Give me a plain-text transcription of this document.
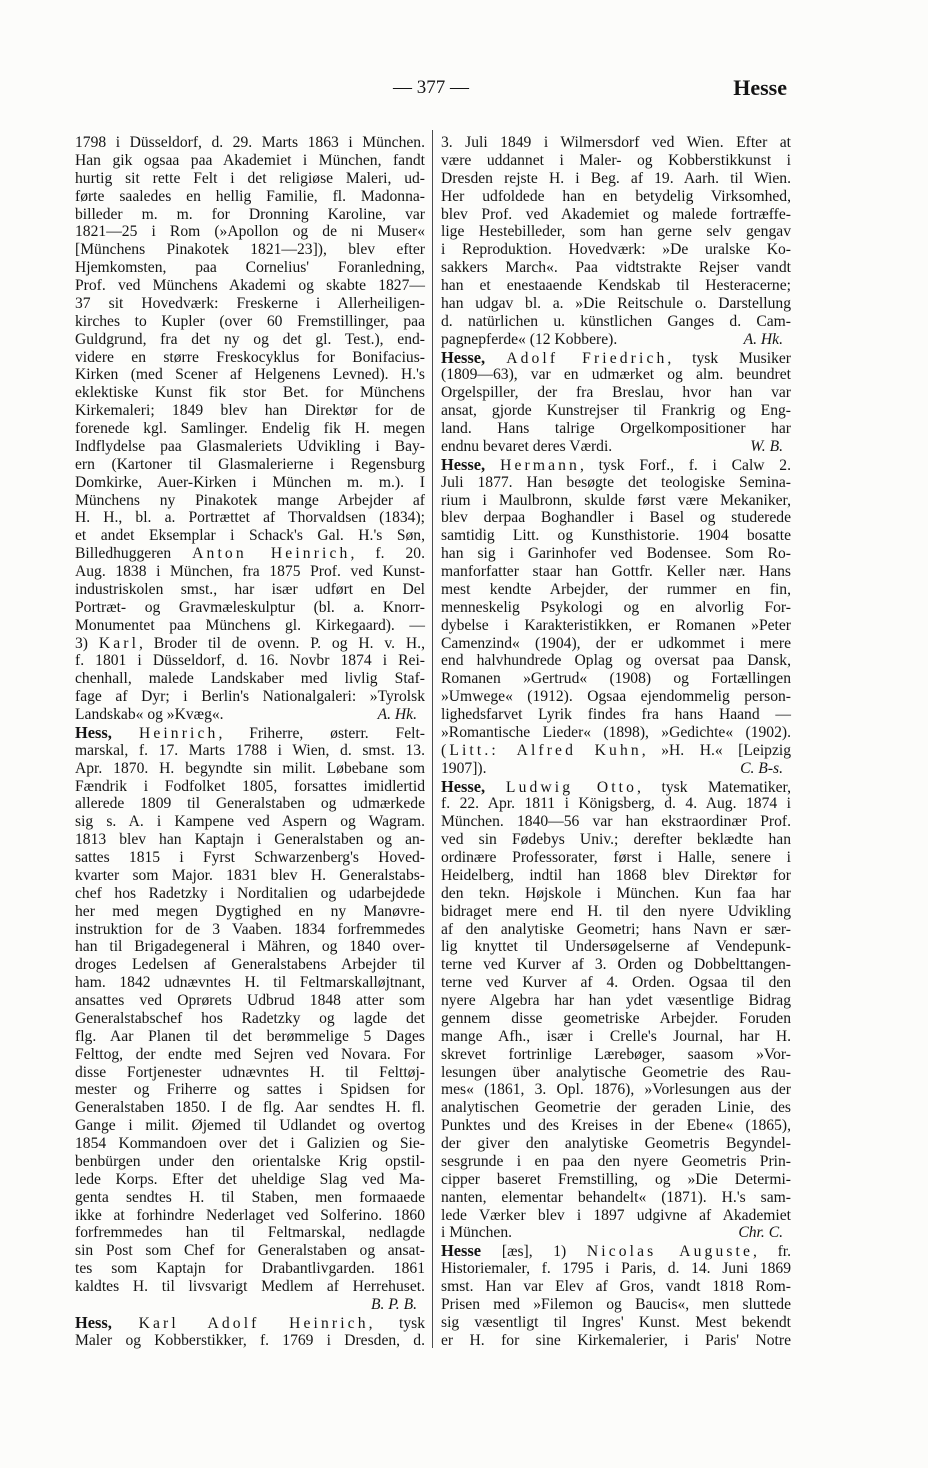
— 377 —	Hesse
1798 i Düsseldorf, d. 29. Marts 1863 i München.
Han gik ogsaa paa Akademiet i München, fandt
hurtig sit rette Felt i det religiøse Maleri, ud-
førte saaledes en hellig Familie, fl. Madonna-
billeder m. m. for Dronning Karoline, var
1821—25 i Rom (»Apollon og de ni Muser«
[Münchens Pinakotek 1821—23]), blev efter
Hjemkomsten, paa Cornelius' Foranledning,
Prof. ved Münchens Akademi og skabte 1827—
37 sit Hovedværk: Freskerne i Allerheiligen-
kirches to Kupler (over 60 Fremstillinger, paa
Guldgrund, fra det ny og det gl. Test.), end-
videre en større Freskocyklus for Bonifacius-
Kirken (med Scener af Helgenens Levned). H.'s
eklektiske Kunst fik stor Bet. for Münchens
Kirkemaleri; 1849 blev han Direktør for de
forenede kgl. Samlinger. Endelig fik H. megen
Indflydelse paa Glasmaleriets Udvikling i Bay-
ern (Kartoner til Glasmalerierne i Regensburg
Domkirke, Auer-Kirken i München m. m.). I
Münchens ny Pinakotek mange Arbejder af
H. H., bl. a. Portrættet af Thorvaldsen (1834);
et andet Eksemplar i Schack's Gal. H.'s Søn,
Billedhuggeren Anton Heinrich, f. 20.
Aug. 1838 i München, fra 1875 Prof. ved Kunst-
industriskolen smst., har især udført en Del
Portræt- og Gravmæleskulptur (bl. a. Knorr-
Monumentet paa Münchens gl. Kirkegaard). —
3) Karl, Broder til de ovenn. P. og H. v. H.,
f. 1801 i Düsseldorf, d. 16. Novbr 1874 i Rei-
chenhall, malede Landskaber med livlig Staf-
fage af Dyr; i Berlin's Nationalgaleri: »Tyrolsk
Landskab« og »Kvæg«.	A. Hk.
Hess, Heinrich, Friherre, østerr. Felt-
marskal, f. 17. Marts 1788 i Wien, d. smst. 13.
Apr. 1870. H. begyndte sin milit. Løbebane som
Fændrik i Fodfolket 1805, forsattes imidlertid
allerede 1809 til Generalstaben og udmærkede
sig s. A. i Kampene ved Aspern og Wagram.
1813 blev han Kaptajn i Generalstaben og an-
sattes 1815 i Fyrst Schwarzenberg's Hoved-
kvarter som Major. 1831 blev H. Generalstabs-
chef hos Radetzky i Norditalien og udarbejdede
her med megen Dygtighed en ny Manøvre-
instruktion for de 3 Vaaben. 1834 forfremmedes
han til Brigadegeneral i Mähren, og 1840 over-
droges Ledelsen af Generalstabens Arbejder til
ham. 1842 udnævntes H. til Feltmarskalløjtnant,
ansattes ved Oprørets Udbrud 1848 atter som
Generalstabschef hos Radetzky og lagde det
flg. Aar Planen til det berømmelige 5 Dages
Felttog, der endte med Sejren ved Novara. For
disse Fortjenester udnævntes H. til Felttøj-
mester og Friherre og sattes i Spidsen for
Generalstaben 1850. I de flg. Aar sendtes H. fl.
Gange i milit. Øjemed til Udlandet og overtog
1854 Kommandoen over det i Galizien og Sie-
benbürgen under den orientalske Krig opstil-
lede Korps. Efter det uheldige Slag ved Ma-
genta sendtes H. til Staben, men formaaede
ikke at forhindre Nederlaget ved Solferino. 1860
forfremmedes han til Feltmarskal, nedlagde
sin Post som Chef for Generalstaben og ansat-
tes som Kaptajn for Drabantlivgarden. 1861
kaldtes H. til livsvarigt Medlem af Herrehuset.
B. P. B.
Hess, Karl Adolf Heinrich, tysk
Maler og Kobberstikker, f. 1769 i Dresden, d.
3. Juli 1849 i Wilmersdorf ved Wien. Efter at
være uddannet i Maler- og Kobberstikkunst i
Dresden rejste H. i Beg. af 19. Aarh. til Wien.
Her udfoldede han en betydelig Virksomhed,
blev Prof. ved Akademiet og malede fortræffe-
lige Hestebilleder, som han gerne selv gengav
i Reproduktion. Hovedværk: »De uralske Ko-
sakkers March«. Paa vidtstrakte Rejser vandt
han et enestaaende Kendskab til Hesteracerne;
han udgav bl. a. »Die Reitschule o. Darstellung
d. natürlichen u. künstlichen Ganges d. Cam-
pagnepferde« (12 Kobbere).	A. Hk.
Hesse, Adolf Friedrich, tysk Musiker
(1809—63), var en udmærket og alm. beundret
Orgelspiller, der fra Breslau, hvor han var
ansat, gjorde Kunstrejser til Frankrig og Eng-
land. Hans talrige Orgelkompositioner har
endnu bevaret deres Værdi.	W. B.
Hesse, Hermann, tysk Forf., f. i Calw 2.
Juli 1877. Han besøgte det teologiske Semina-
rium i Maulbronn, skulde først være Mekaniker,
blev derpaa Boghandler i Basel og studerede
samtidig Litt. og Kunsthistorie. 1904 bosatte
han sig i Garinhofer ved Bodensee. Som Ro-
manforfatter staar han Gottfr. Keller nær. Hans
mest kendte Arbejder, der rummer en fin,
menneskelig Psykologi og en alvorlig For-
dybelse i Karakteristikken, er Romanen »Peter
Camenzind« (1904), der er udkommet i mere
end halvhundrede Oplag og oversat paa Dansk,
Romanen »Gertrud« (1908) og Fortællingen
»Umwege« (1912). Ogsaa ejendommelig person-
lighedsfarvet Lyrik findes fra hans Haand —
»Romantische Lieder« (1898), »Gedichte« (1902).
(Litt.: Alfred Kuhn, »H. H.« [Leipzig
1907]).	C. B-s.
Hesse, Ludwig Otto, tysk Matematiker,
f. 22. Apr. 1811 i Königsberg, d. 4. Aug. 1874 i
München. 1840—56 var han ekstraordinær Prof.
ved sin Fødebys Univ.; derefter beklædte han
ordinære Professorater, først i Halle, senere i
Heidelberg, indtil han 1868 blev Direktør for
den tekn. Højskole i München. Kun faa har
bidraget mere end H. til den nyere Udvikling
af den analytiske Geometri; hans Navn er sær-
lig knyttet til Undersøgelserne af Vendepunk-
terne ved Kurver af 3. Orden og Dobbelttangen-
terne ved Kurver af 4. Orden. Ogsaa til den
nyere Algebra har han ydet væsentlige Bidrag
gennem disse geometriske Arbejder. Foruden
mange Afh., især i Crelle's Journal, har H.
skrevet fortrinlige Lærebøger, saasom »Vor-
lesungen über analytische Geometrie des Rau-
mes« (1861, 3. Opl. 1876), »Vorlesungen aus der
analytischen Geometrie der geraden Linie, des
Punktes und des Kreises in der Ebene« (1865),
der giver den analytiske Geometris Begyndel-
sesgrunde i en paa den nyere Geometris Prin-
cipper baseret Fremstilling, og »Die Determi-
nanten, elementar behandelt« (1871). H.'s sam-
lede Værker blev i 1897 udgivne af Akademiet
i München.	Chr. C.
Hesse [æs], 1) Nicolas Auguste, fr.
Historiemaler, f. 1795 i Paris, d. 14. Juni 1869
smst. Han var Elev af Gros, vandt 1818 Rom-
Prisen med »Filemon og Baucis«, men sluttede
sig væsentligt til Ingres' Kunst. Mest bekendt
er H. for sine Kirkemalerier, i Paris' Notre
